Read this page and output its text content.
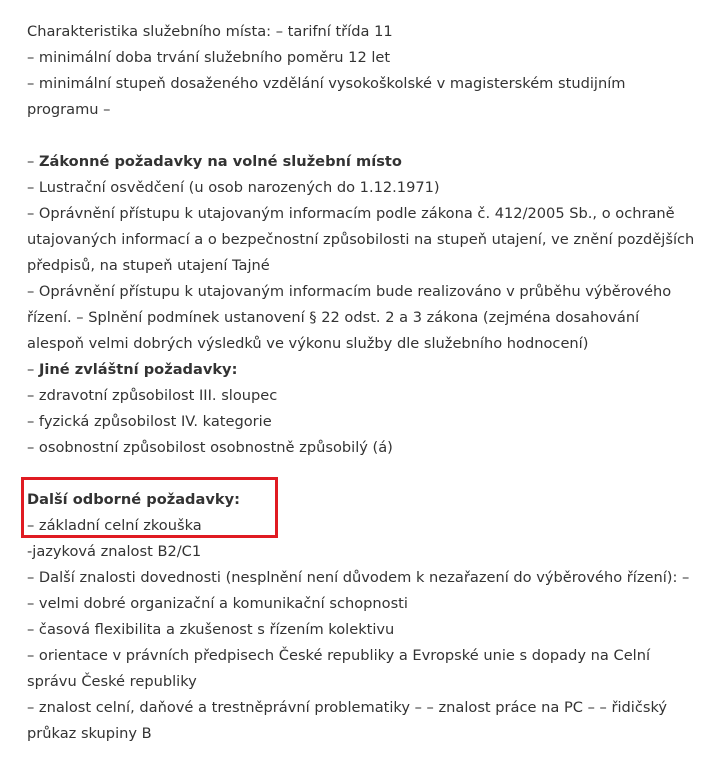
Charakteristika služebního místa: – tarifní třída 11
– minimální doba trvání služebního poměru 12 let
– minimální stupeň dosaženého vzdělání vysokoškolské v magisterském studijním
programu –
– Zákonné požadavky na volné služební místo
– Lustrační osvědčení (u osob narozených do 1.12.1971)
– Oprávnění přístupu k utajovaným informacím podle zákona č. 412/2005 Sb., o ochraně
utajovaných informací a o bezpečnostní způsobilosti na stupeň utajení, ve znění pozdějších
předpisů, na stupeň utajení Tajné
– Oprávnění přístupu k utajovaným informacím bude realizováno v průběhu výběrového
řízení. – Splnění podmínek ustanovení § 22 odst. 2 a 3 zákona (zejména dosahování
alespoň velmi dobrých výsledků ve výkonu služby dle služebního hodnocení)
– Jiné zvláštní požadavky:
– zdravotní způsobilost III. sloupec
– fyzická způsobilost IV. kategorie
– osobnostní způsobilost osobnostně způsobilý (á)
Další odborné požadavky:
– základní celní zkouška
-jazyková znalost B2/C1
– Další znalosti dovednosti (nesplnění není důvodem k nezařazení do výběrového řízení): –
– velmi dobré organizační a komunikační schopnosti
– časová flexibilita a zkušenost s řízením kolektivu
– orientace v právních předpisech České republiky a Evropské unie s dopady na Celní
správu České republiky
– znalost celní, daňové a trestněprávní problematiky – – znalost práce na PC – – řidičský
průkaz skupiny B
